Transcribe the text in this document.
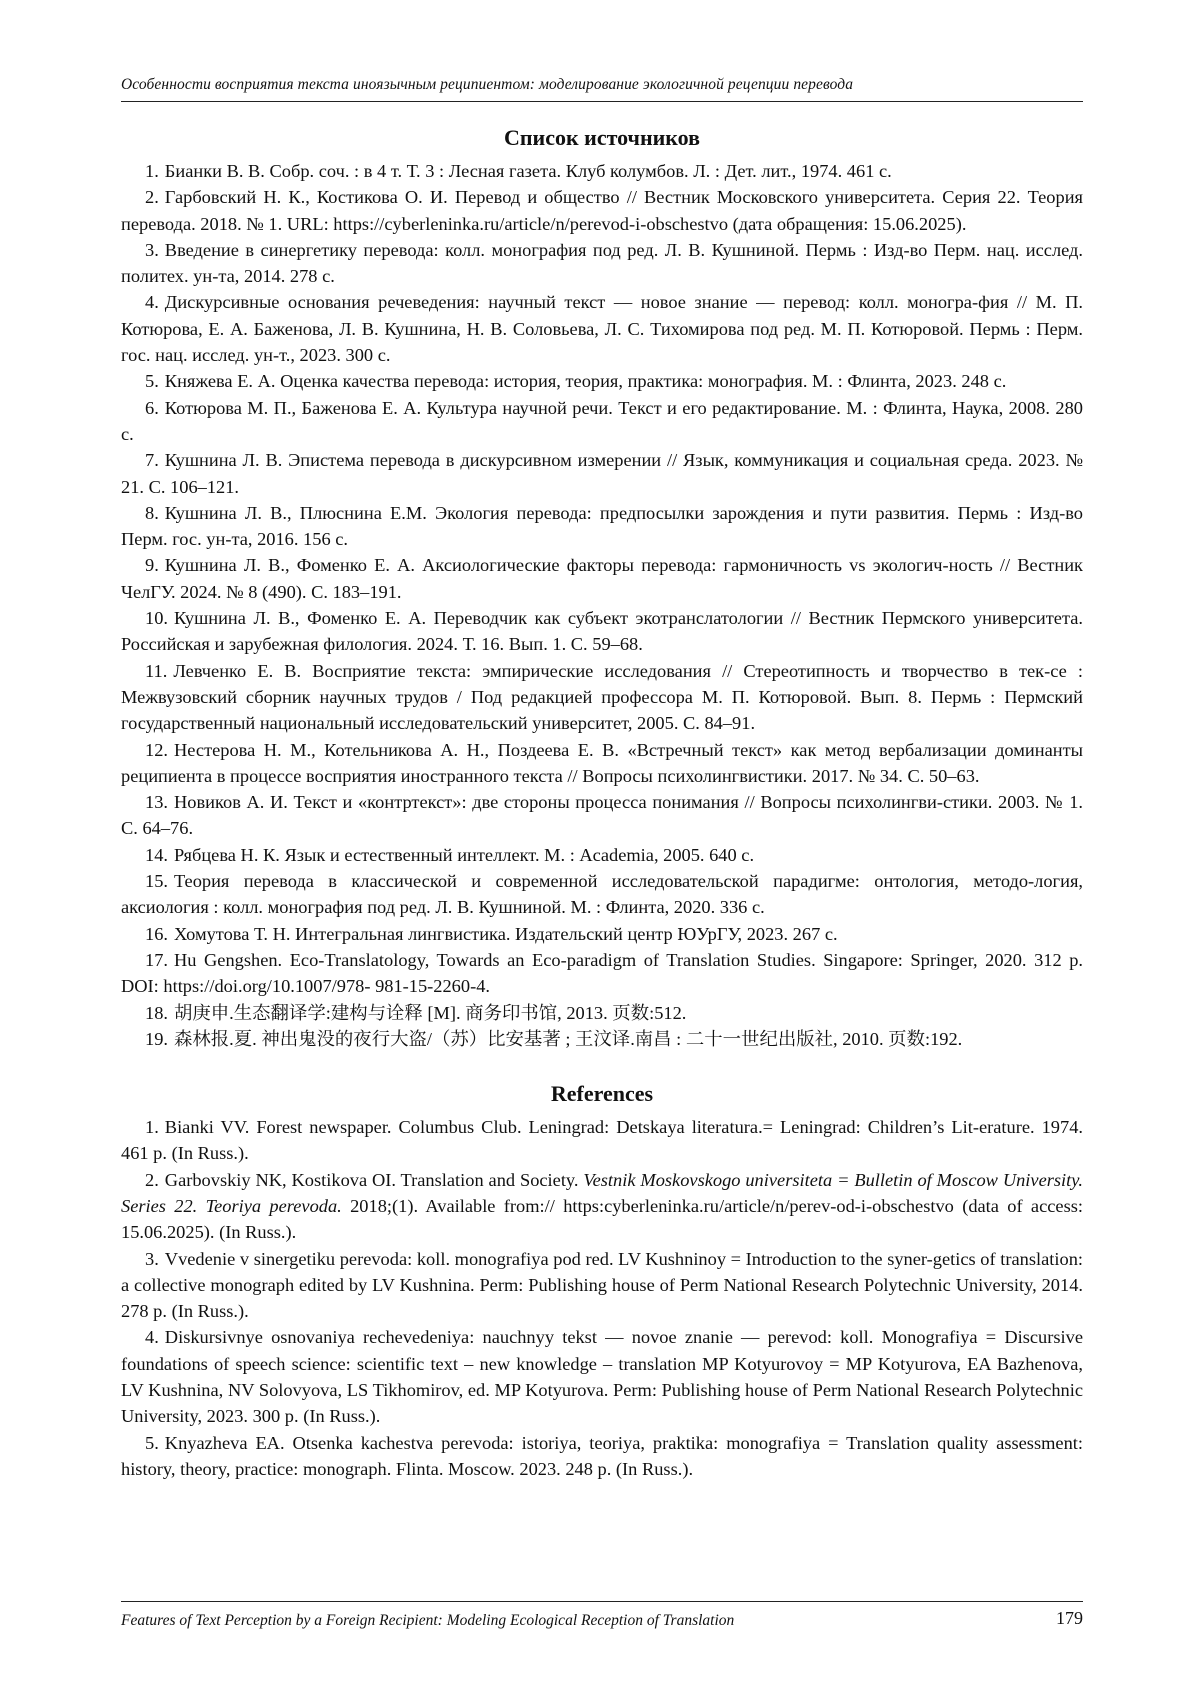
Особенности восприятия текста иноязычным реципиентом: моделирование экологичной рецепции перевода
Список источников
1. Бианки В. В. Собр. соч. : в 4 т. Т. 3 : Лесная газета. Клуб колумбов. Л. : Дет. лит., 1974. 461 с.
2. Гарбовский Н. К., Костикова О. И. Перевод и общество // Вестник Московского университета. Серия 22. Теория перевода. 2018. № 1. URL: https://cyberleninka.ru/article/n/perevod-i-obschestvo (дата обращения: 15.06.2025).
3. Введение в синергетику перевода: колл. монография под ред. Л. В. Кушниной. Пермь : Изд-во Перм. нац. исслед. политех. ун-та, 2014. 278 с.
4. Дискурсивные основания речеведения: научный текст — новое знание — перевод: колл. моногра-фия // М. П. Котюрова, Е. А. Баженова, Л. В. Кушнина, Н. В. Соловьева, Л. С. Тихомирова под ред. М. П. Котюровой. Пермь : Перм. гос. нац. исслед. ун-т., 2023. 300 с.
5. Княжева Е. А. Оценка качества перевода: история, теория, практика: монография. М. : Флинта, 2023. 248 с.
6. Котюрова М. П., Баженова Е. А. Культура научной речи. Текст и его редактирование. М. : Флинта, Наука, 2008. 280 с.
7. Кушнина Л. В. Эпистема перевода в дискурсивном измерении // Язык, коммуникация и социальная среда. 2023. № 21. С. 106–121.
8. Кушнина Л. В., Плюснина Е.М. Экология перевода: предпосылки зарождения и пути развития. Пермь : Изд-во Перм. гос. ун-та, 2016. 156 с.
9. Кушнина Л. В., Фоменко Е. А. Аксиологические факторы перевода: гармоничность vs экологич-ность // Вестник ЧелГУ. 2024. № 8 (490). С. 183–191.
10. Кушнина Л. В., Фоменко Е. А. Переводчик как субъект экотранслатологии // Вестник Пермского университета. Российская и зарубежная филология. 2024. Т. 16. Вып. 1. С. 59–68.
11. Левченко Е. В. Восприятие текста: эмпирические исследования // Стереотипность и творчество в тек-се : Межвузовский сборник научных трудов / Под редакцией профессора М. П. Котюровой. Вып. 8. Пермь : Пермский государственный национальный исследовательский университет, 2005. С. 84–91.
12. Нестерова Н. М., Котельникова А. Н., Поздеева Е. В. «Встречный текст» как метод вербализации доминанты реципиента в процессе восприятия иностранного текста // Вопросы психолингвистики. 2017. № 34. С. 50–63.
13. Новиков А. И. Текст и «контртекст»: две стороны процесса понимания // Вопросы психолингви-стики. 2003. № 1. С. 64–76.
14. Рябцева Н. К. Язык и естественный интеллект. М. : Academia, 2005. 640 с.
15. Теория перевода в классической и современной исследовательской парадигме: онтология, методо-логия, аксиология : колл. монография под ред. Л. В. Кушниной. М. : Флинта, 2020. 336 с.
16. Хомутова Т. Н. Интегральная лингвистика. Издательский центр ЮУрГУ, 2023. 267 с.
17. Hu Gengshen. Eco-Translatology, Towards an Eco-paradigm of Translation Studies. Singapore: Springer, 2020. 312 p. DOI: https://doi.org/10.1007/978- 981-15-2260-4.
18. 胡庚申.生态翻译学:建构与诠释 [M]. 商务印书馆, 2013. 页数:512.
19. 森林报.夏. 神出鬼没的夜行大盗/（苏）比安基著 ; 王汶译.南昌 : 二十一世纪出版社, 2010. 页数:192.
References
1. Bianki VV. Forest newspaper. Columbus Club. Leningrad: Detskaya literatura.= Leningrad: Children’s Lit-erature. 1974. 461 p. (In Russ.).
2. Garbovskiy NK, Kostikova OI. Translation and Society. Vestnik Moskovskogo universiteta = Bulletin of Moscow University. Series 22. Teoriya perevoda. 2018;(1). Available from:// https:cyberleninka.ru/article/n/perev-od-i-obschestvo (data of access: 15.06.2025). (In Russ.).
3. Vvedenie v sinergetiku perevoda: koll. monografiya pod red. LV Kushninoy = Introduction to the syner-getics of translation: a collective monograph edited by LV Kushnina. Perm: Publishing house of Perm National Research Polytechnic University, 2014. 278 p. (In Russ.).
4. Diskursivnye osnovaniya rechevedeniya: nauchnyy tekst — novoe znanie — perevod: koll. Monografiya = Discursive foundations of speech science: scientific text – new knowledge – translation MP Kotyurovoy = MP Kotyurova, EA Bazhenova, LV Kushnina, NV Solovyova, LS Tikhomirov, ed. MP Kotyurova. Perm: Publishing house of Perm National Research Polytechnic University, 2023. 300 p. (In Russ.).
5. Knyazheva EA. Otsenka kachestva perevoda: istoriya, teoriya, praktika: monografiya = Translation quality assessment: history, theory, practice: monograph. Flinta. Moscow. 2023. 248 p. (In Russ.).
Features of Text Perception by a Foreign Recipient: Modeling Ecological Reception of Translation	179
